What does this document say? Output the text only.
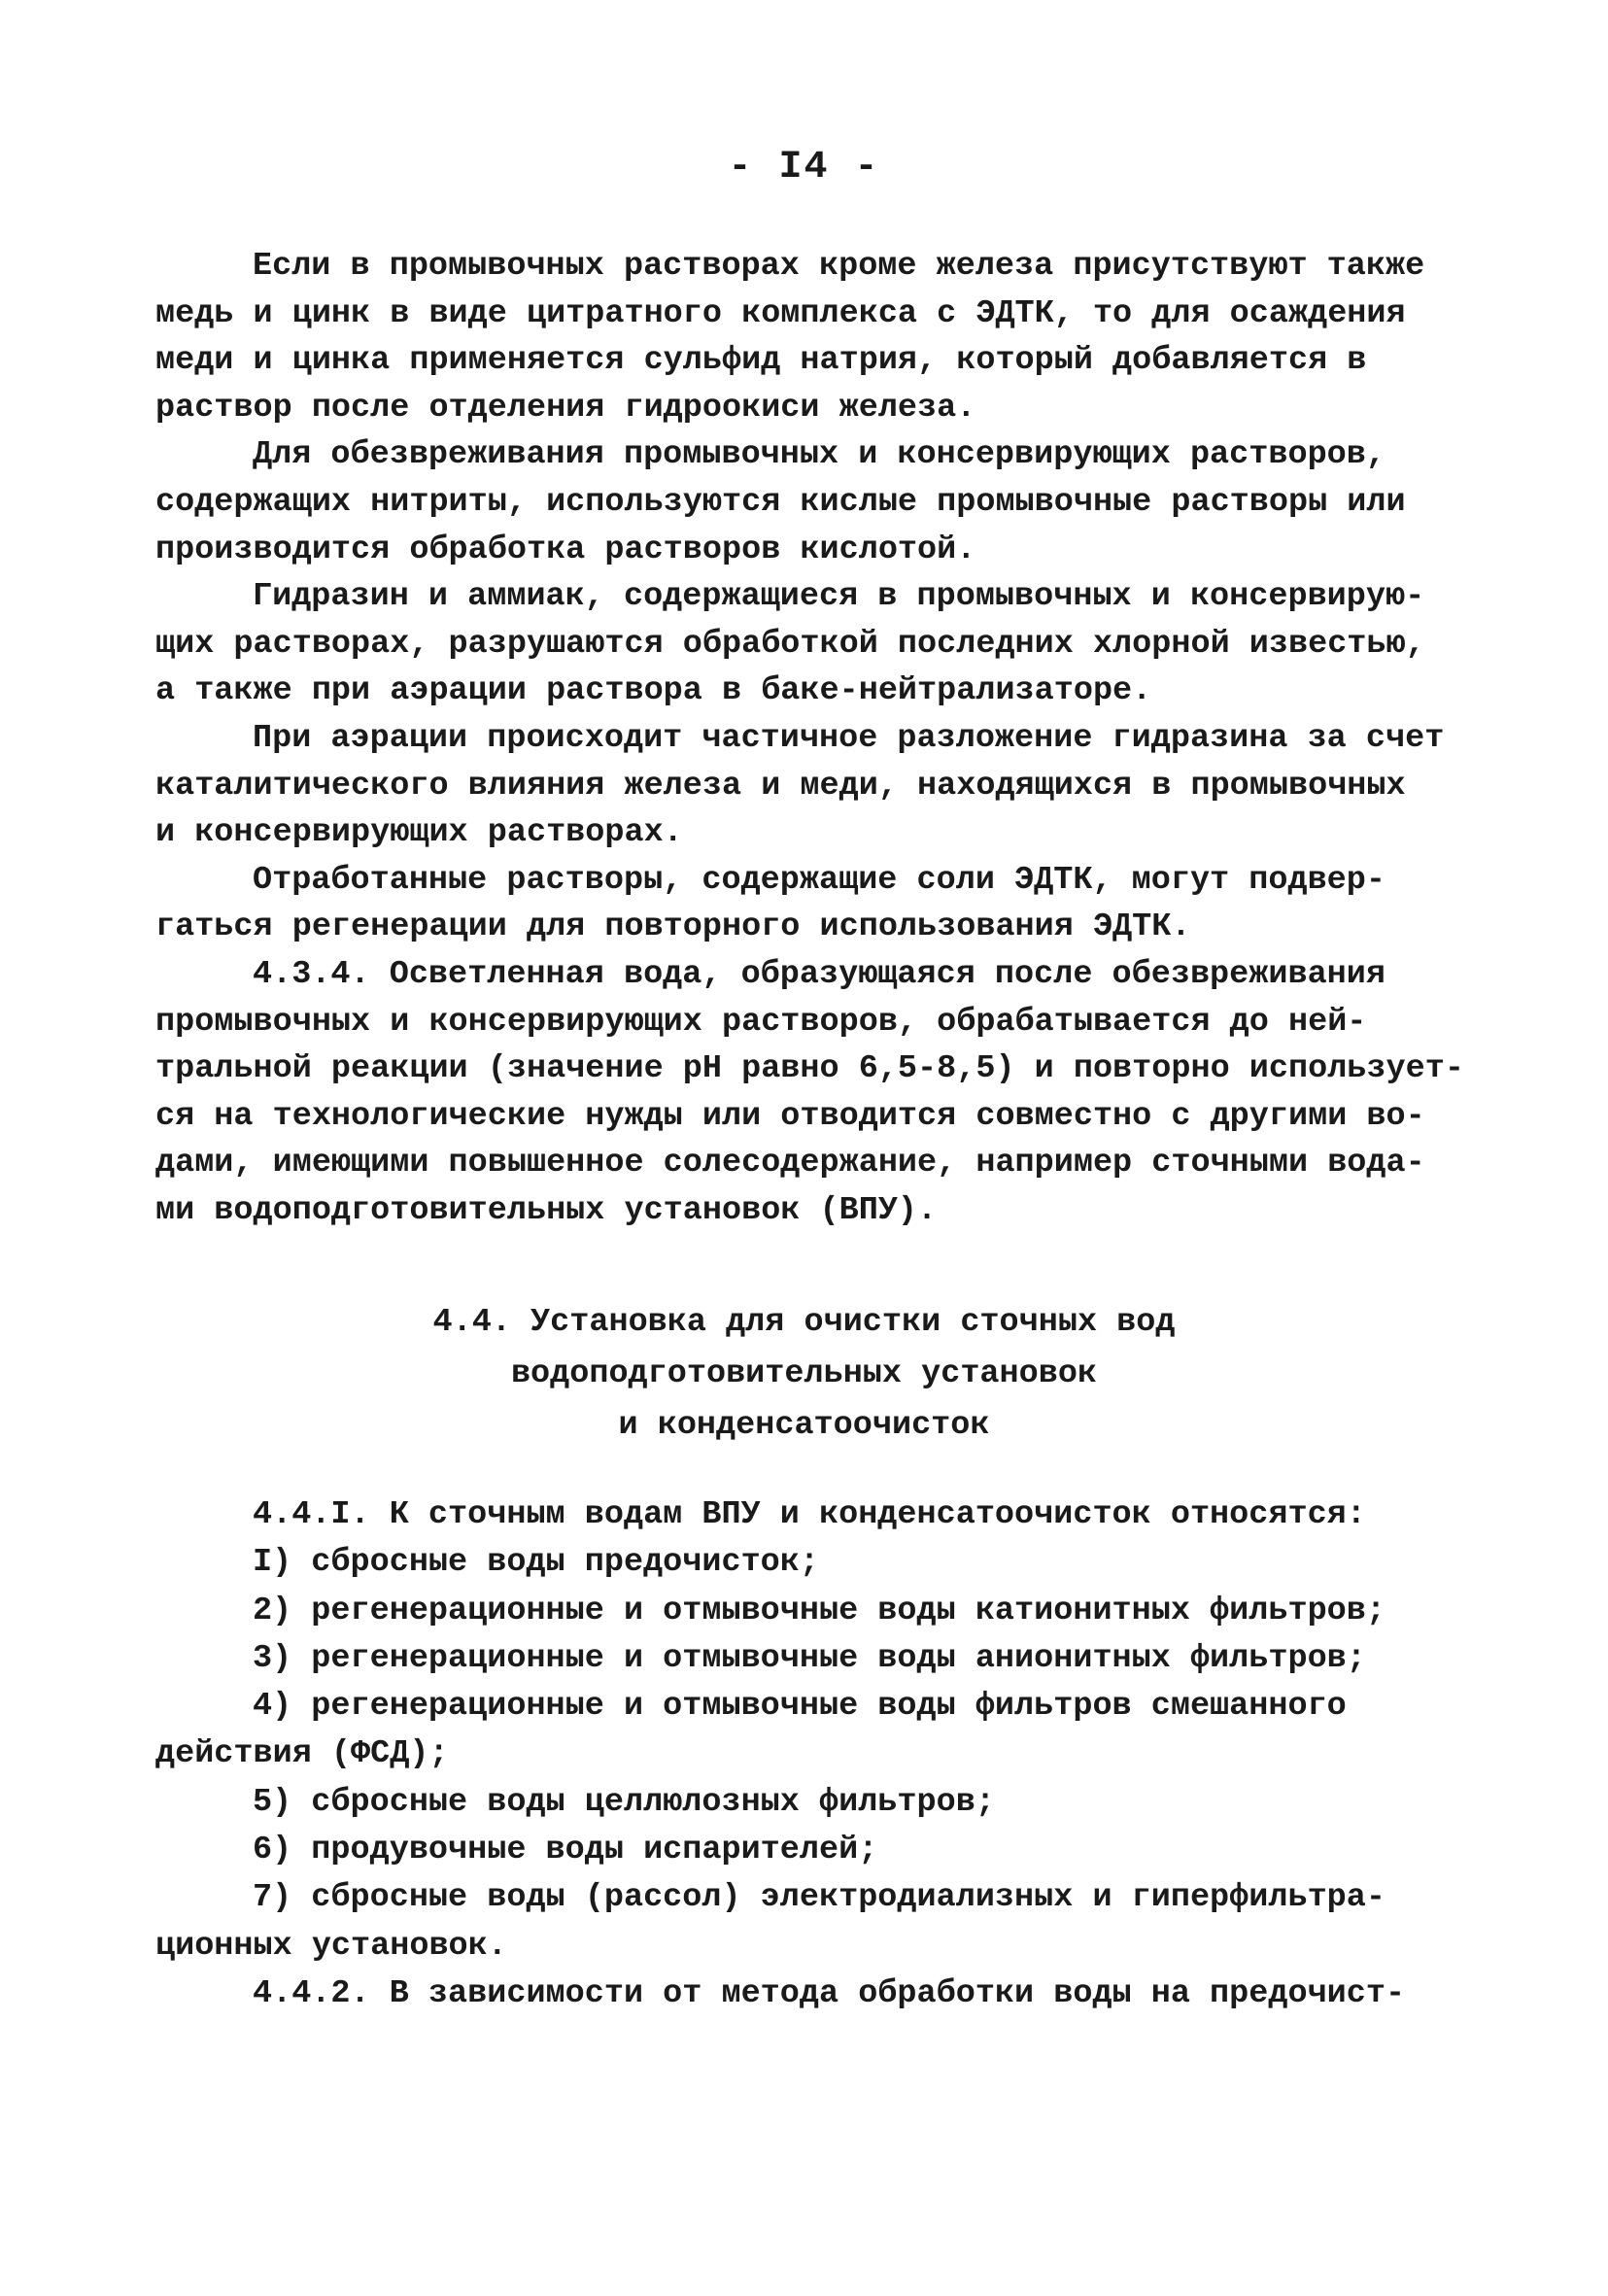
- I4 -
Если в промывочных растворах кроме железа присутствуют также
медь и цинк в виде цитратного комплекса с ЭДТК, то для осаждения
меди и цинка применяется сульфид натрия, который добавляется в
раствор после отделения гидроокиси железа.
Для обезвреживания промывочных и консервирующих растворов,
содержащих нитриты, используются кислые промывочные растворы или
производится обработка растворов кислотой.
Гидразин и аммиак, содержащиеся в промывочных и консервирую-
щих растворах, разрушаются обработкой последних хлорной известью,
а также при аэрации раствора в баке-нейтрализаторе.
При аэрации происходит частичное разложение гидразина за счет
каталитического влияния железа и меди, находящихся в промывочных
и консервирующих растворах.
Отработанные растворы, содержащие соли ЭДТК, могут подвер-
гаться регенерации для повторного использования ЭДТК.
4.3.4. Осветленная вода, образующаяся после обезвреживания
промывочных и консервирующих растворов, обрабатывается до ней-
тральной реакции (значение рН равно 6,5-8,5) и повторно использует-
ся на технологические нужды или отводится совместно с другими во-
дами, имеющими повышенное солесодержание, например сточными вода-
ми водоподготовительных установок (ВПУ).
4.4. Установка для очистки сточных вод
водоподготовительных установок
и конденсатоочисток
4.4.I. К сточным водам ВПУ и конденсатоочисток относятся:
I) сбросные воды предочисток;
2) регенерационные и отмывочные воды катионитных фильтров;
3) регенерационные и отмывочные воды анионитных фильтров;
4) регенерационные и отмывочные воды фильтров смешанного
действия (ФСД);
5) сбросные воды целлюлозных фильтров;
6) продувочные воды испарителей;
7) сбросные воды (рассол) электродиализных и гиперфильтра-
ционных установок.
4.4.2. В зависимости от метода обработки воды на предочист-
